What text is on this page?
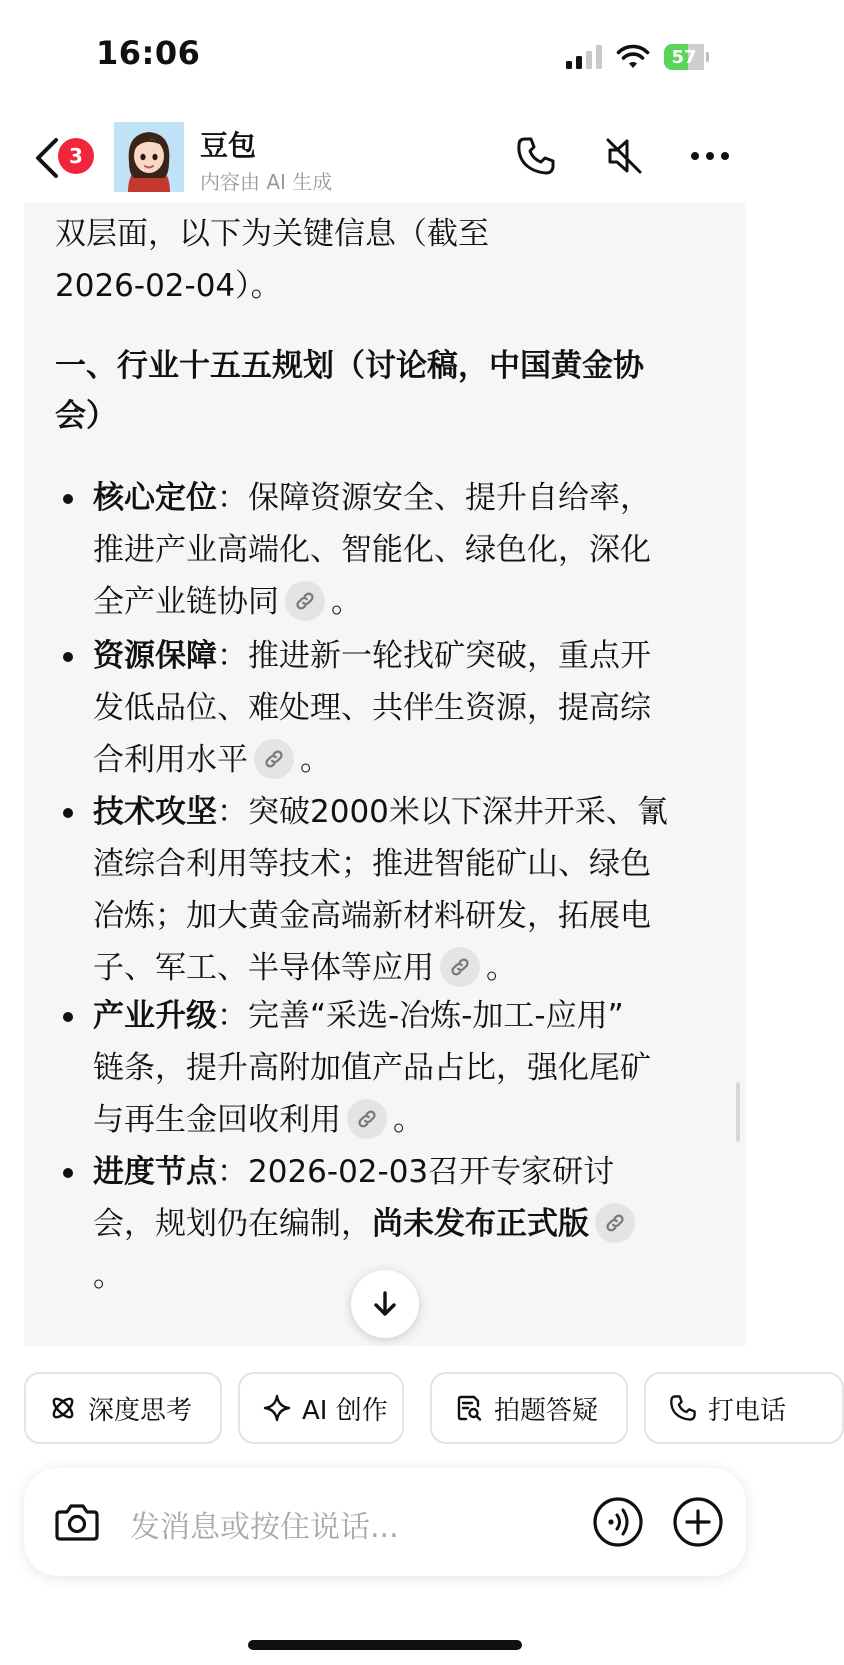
16:06	57
3	豆包
内容由 AI 生成

双层面，以下为关键信息（截至

2026-02-04）。

一、行业十五五规划（讨论稿，中国黄金协

会）

核心定位：保障资源安全、提升自给率，
推进产业高端化、智能化、绿色化，深化
全产业链协同 。
资源保障：推进新一轮找矿突破，重点开
发低品位、难处理、共伴生资源，提高综
合利用水平 。
技术攻坚：突破2000米以下深井开采、氰
渣综合利用等技术；推进智能矿山、绿色
冶炼；加大黄金高端新材料研发，拓展电
子、军工、半导体等应用 。
产业升级：完善“采选-冶炼-加工-应用”
链条，提升高附加值产品占比，强化尾矿
与再生金回收利用 。
进度节点：2026-02-03召开专家研讨
会，规划仍在编制，尚未发布正式版
。
深度思考	AI 创作	拍题答疑	打电话
发消息或按住说话...
